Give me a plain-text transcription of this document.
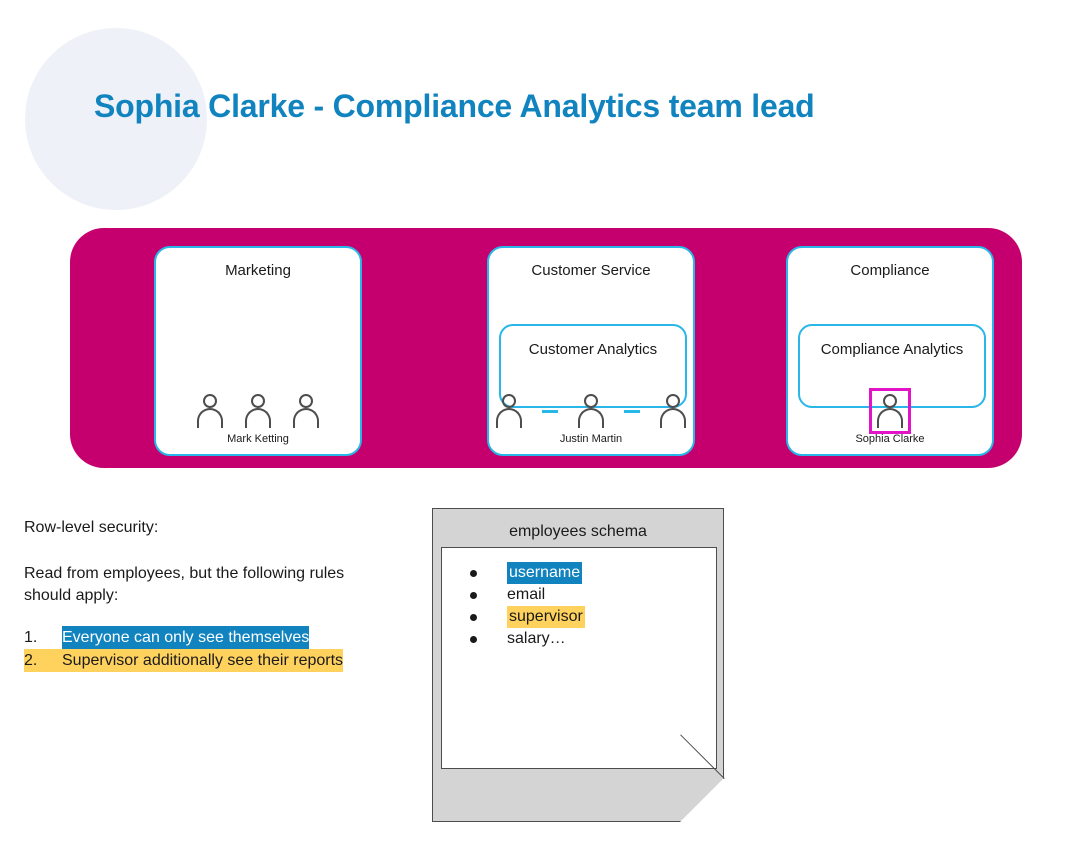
Sophia Clarke - Compliance Analytics team lead
Marketing
Mark Ketting
Customer Service
Customer Analytics
Justin Martin
Compliance
Compliance Analytics
Sophia Clarke
Row-level security:
Read from employees, but the following rules should apply:
1.	Everyone can only see themselves
2.	Supervisor additionally see their reports
employees schema
username
email
supervisor
salary…
